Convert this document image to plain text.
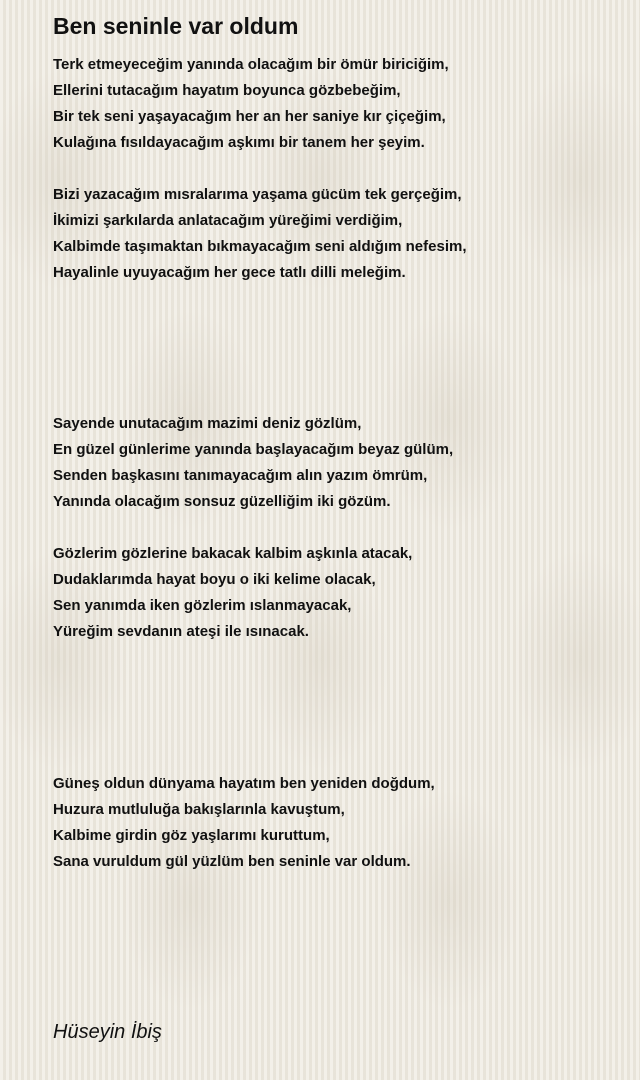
Ben seninle var oldum
Terk etmeyeceğim yanında olacağım bir ömür biriciğim,
Ellerini tutacağım hayatım boyunca gözbebeğim,
Bir tek seni yaşayacağım her an her saniye kır çiçeğim,
Kulağına fısıldayacağım aşkımı bir tanem her şeyim.
Bizi yazacağım mısralarıma yaşama gücüm tek gerçeğim,
İkimizi şarkılarda anlatacağım yüreğimi verdiğim,
Kalbimde taşımaktan bıkmayacağım seni aldığım nefesim,
Hayalinle uyuyacağım her gece tatlı dilli meleğim.
Sayende unutacağım mazimi deniz gözlüm,
En güzel günlerime yanında başlayacağım beyaz gülüm,
Senden başkasını tanımayacağım alın yazım ömrüm,
Yanında olacağım sonsuz güzelliğim iki gözüm.
Gözlerim gözlerine bakacak kalbim aşkınla atacak,
Dudaklarımda hayat boyu o iki kelime olacak,
Sen yanımda iken gözlerim ıslanmayacak,
Yüreğim sevdanın ateşi ile ısınacak.
Güneş oldun dünyama hayatım ben yeniden doğdum,
Huzura mutluluğa bakışlarınla kavuştum,
Kalbime girdin göz yaşlarımı kuruttum,
Sana vuruldum gül yüzlüm ben seninle var oldum.

Hüseyin İbiş
